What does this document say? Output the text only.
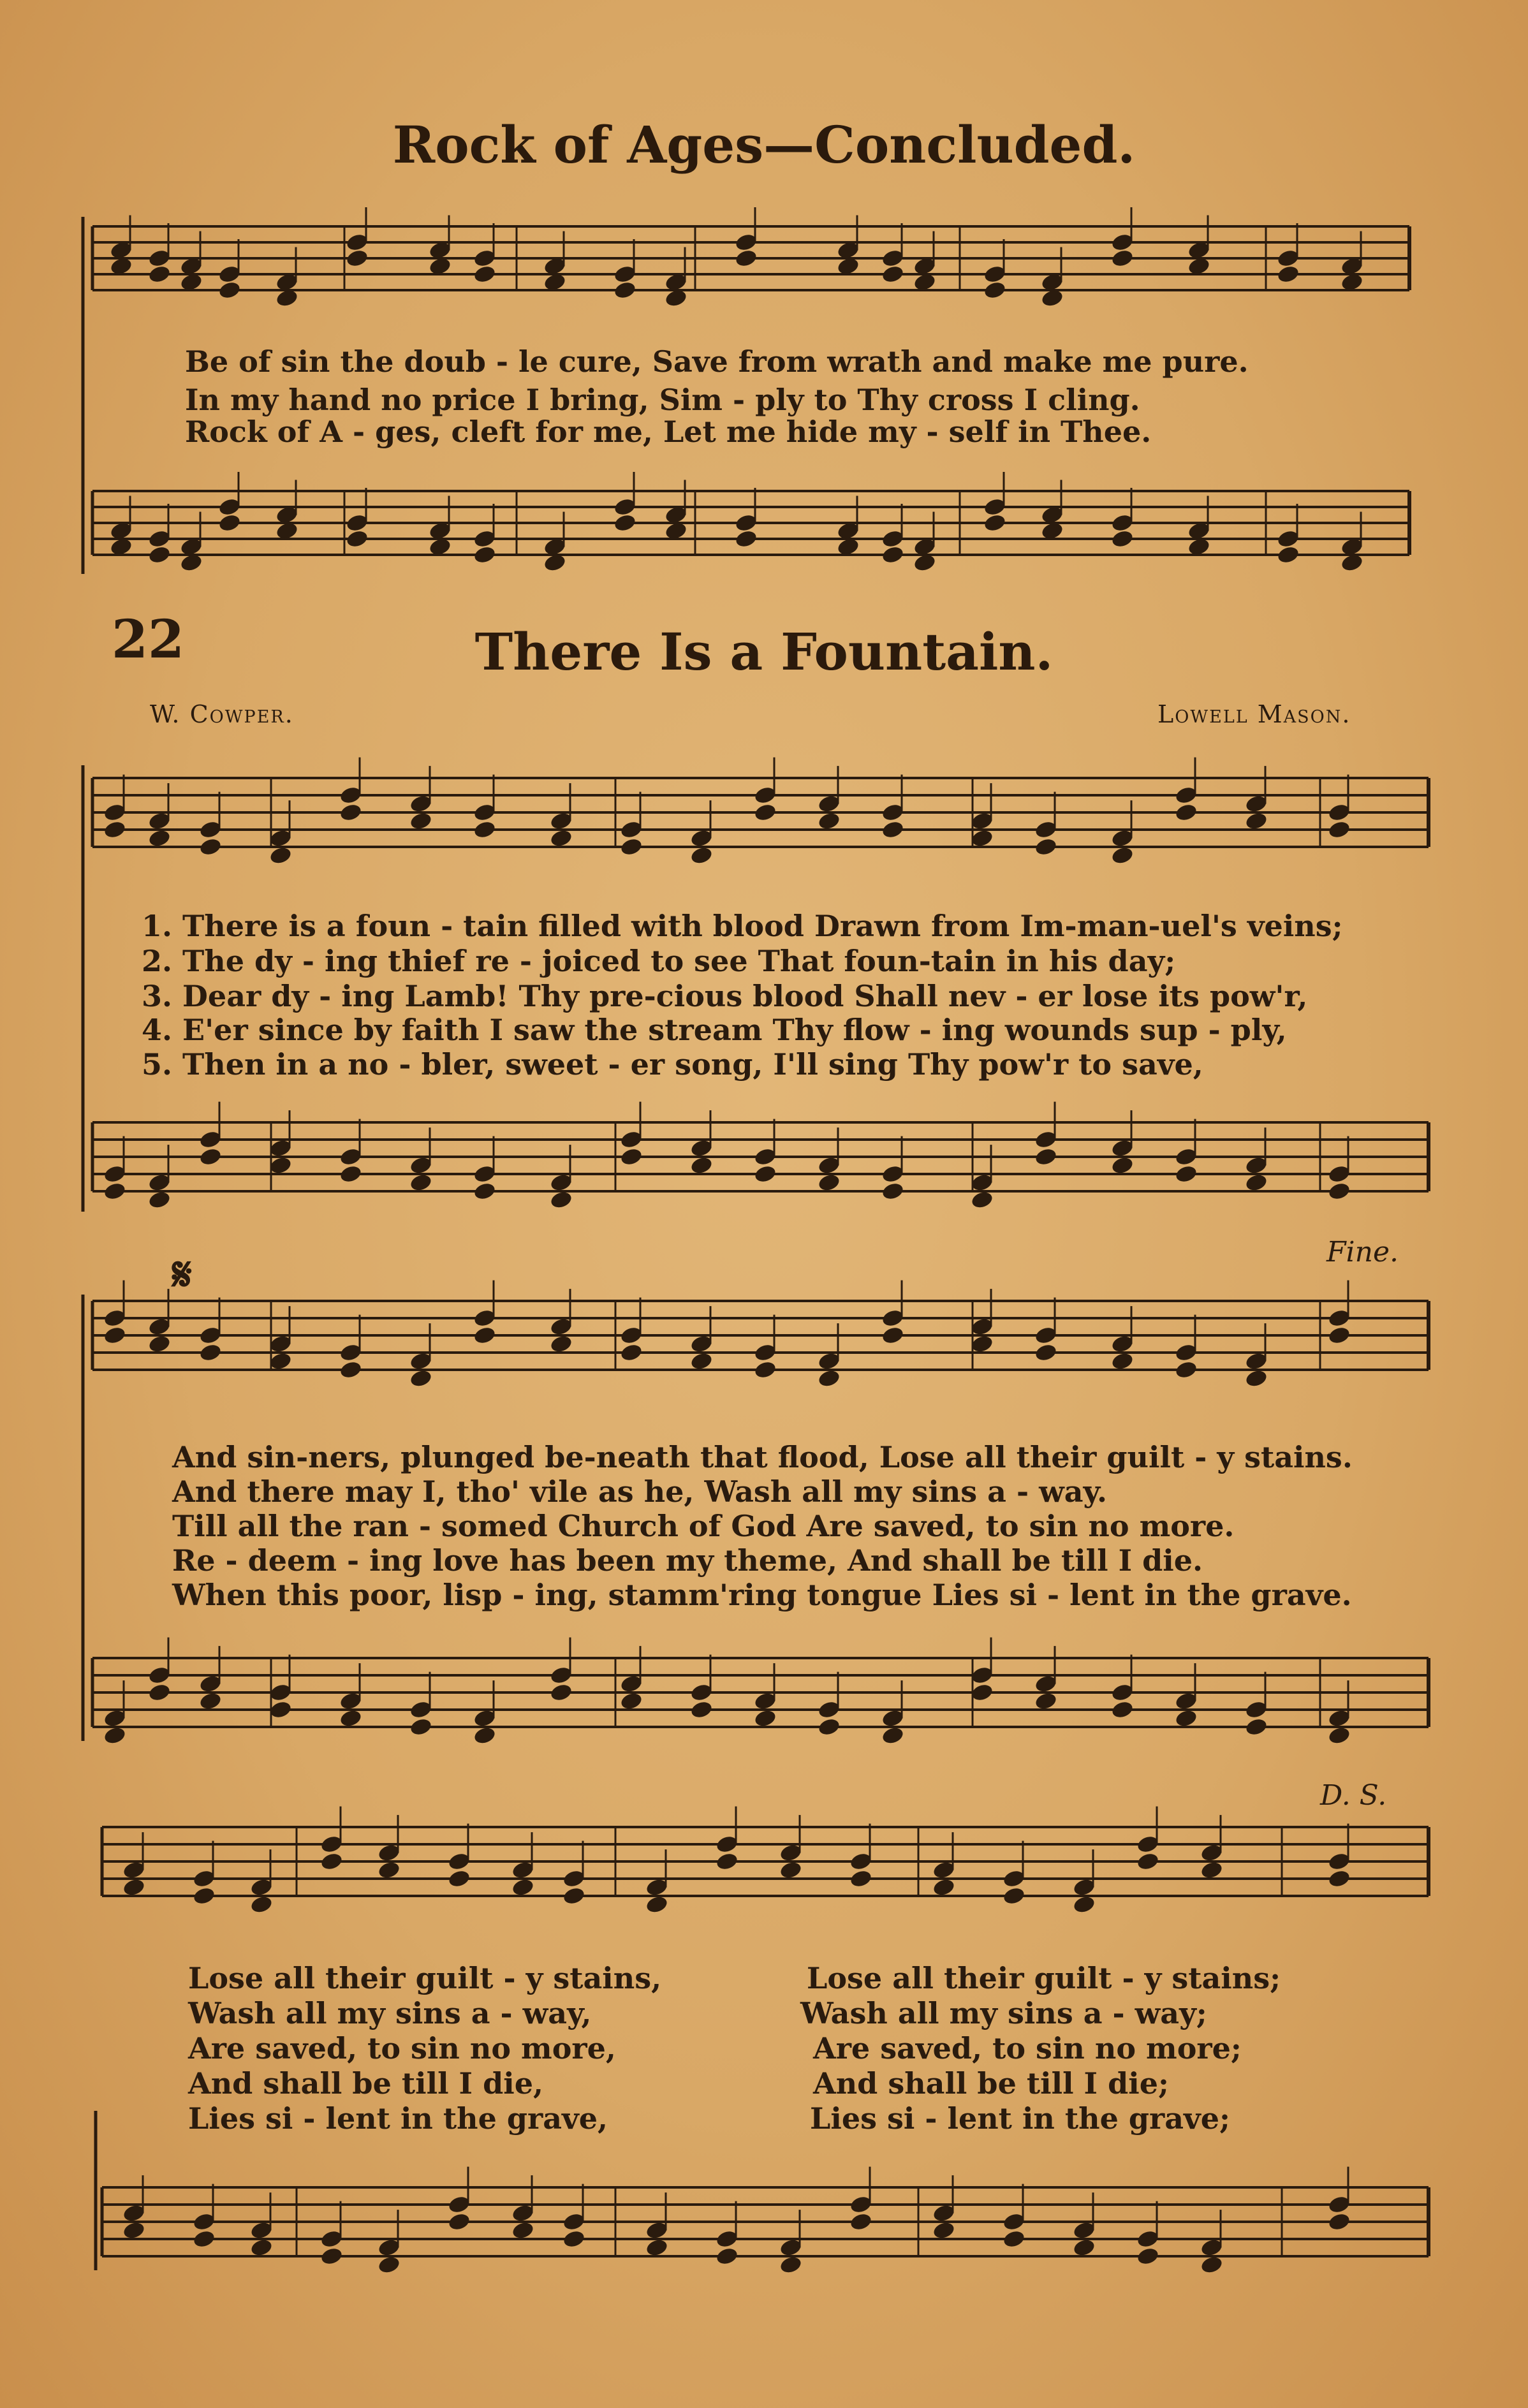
Rock of Ages—Concluded.
22	There Is a Fountain.
W. Cowper.	Lowell Mason.
Be of sin the doub - le cure, Save from wrath and make me pure.
In my hand no price I bring, Sim - ply to Thy cross I cling.
Rock of A - ges, cleft for me, Let me hide my - self in Thee.
1. There is a foun - tain filled with blood Drawn from Im-man-uel's veins;
2. The dy - ing thief re - joiced to see That foun-tain in his day;
3. Dear dy - ing Lamb! Thy pre-cious blood Shall nev - er lose its pow'r,
4. E'er since by faith I saw the stream Thy flow - ing wounds sup - ply,
5. Then in a no - bler, sweet - er song, I'll sing Thy pow'r to save,
Fine.
𝄋
And sin-ners, plunged be-neath that flood, Lose all their guilt - y stains.
And there may I, tho' vile as he, Wash all my sins a - way.
Till all the ran - somed Church of God Are saved, to sin no more.
Re - deem - ing love has been my theme, And shall be till I die.
When this poor, lisp - ing, stamm'ring tongue Lies si - lent in the grave.
D. S.
Lose all their guilt - y stains,	Lose all their guilt - y stains;
Wash all my sins a - way,	Wash all my sins a - way;
Are saved, to sin no more,	Are saved, to sin no more;
And shall be till I die,	And shall be till I die;
Lies si - lent in the grave,	Lies si - lent in the grave;
